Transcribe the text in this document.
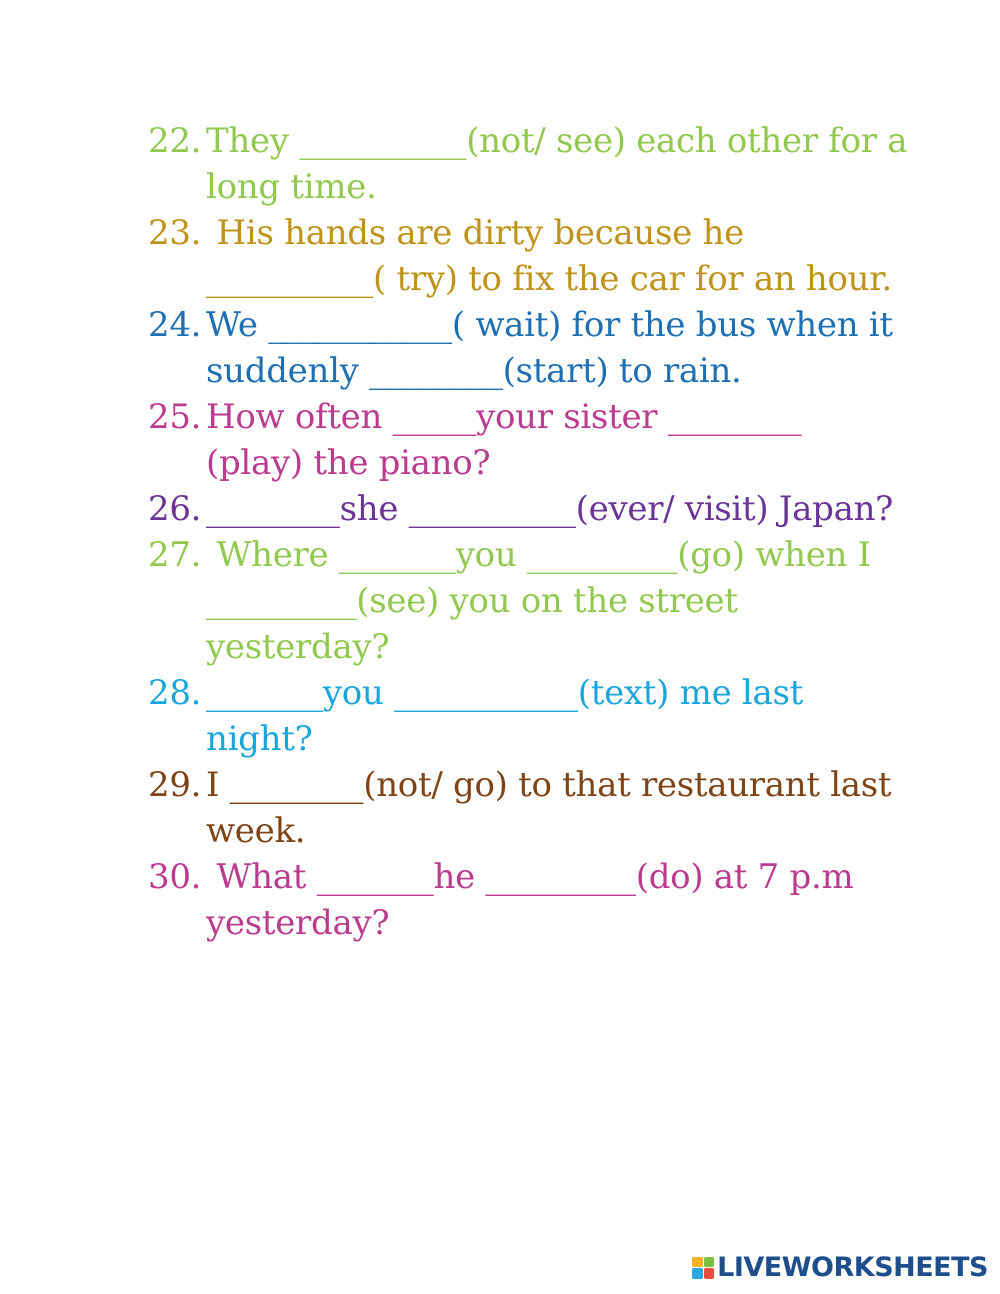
22. They __________(not/ see) each other for a long time.
23. His hands are dirty because he __________( try) to fix the car for an hour.
24. We ___________( wait) for the bus when it suddenly ________(start) to rain.
25. How often _____your sister ________ (play) the piano?
26. ________she __________(ever/ visit) Japan?
27. Where _______you _________(go) when I _________(see) you on the street yesterday?
28. _______you ___________(text) me last night?
29. I ________(not/ go) to that restaurant last week.
30. What _______he _________(do) at 7 p.m yesterday?
LIVEWORKSHEETS
